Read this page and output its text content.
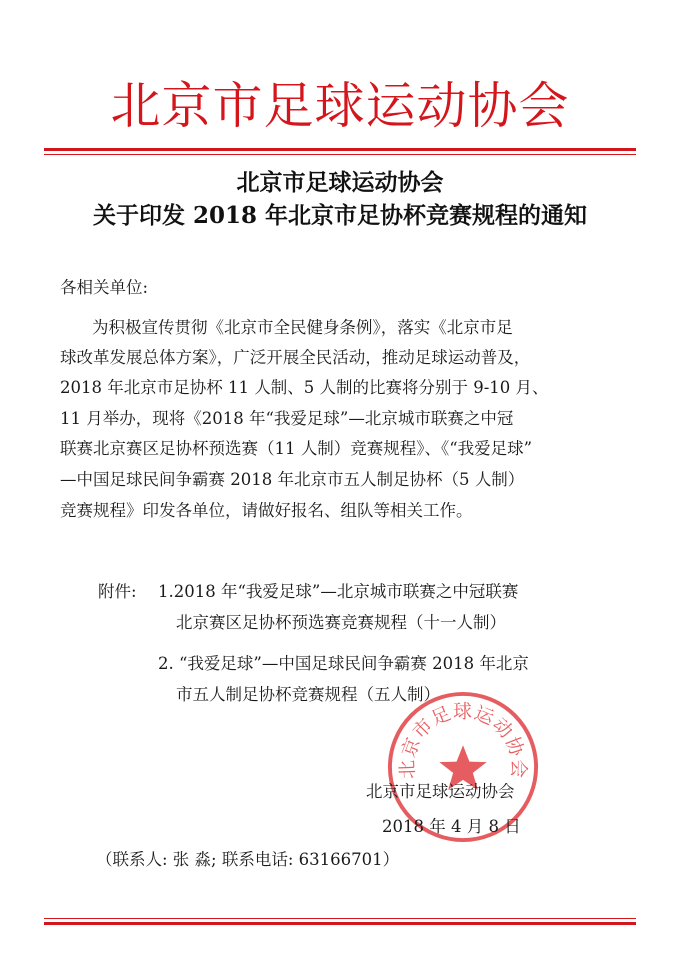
北京市足球运动协会
北京市足球运动协会
关于印发 2018 年北京市足协杯竞赛规程的通知
各相关单位:
为积极宣传贯彻《北京市全民健身条例》，落实《北京市足
球改革发展总体方案》，广泛开展全民活动，推动足球运动普及，
2018 年北京市足协杯 11 人制、5 人制的比赛将分别于 9-10 月、
11 月举办，现将《2018 年“我爱足球”—北京城市联赛之中冠
联赛北京赛区足协杯预选赛（11 人制）竞赛规程》、《“我爱足球”
—中国足球民间争霸赛 2018 年北京市五人制足协杯（5 人制）
竞赛规程》印发各单位，请做好报名、组队等相关工作。
附件: 1.2018 年“我爱足球”—北京城市联赛之中冠联赛
北京赛区足协杯预选赛竞赛规程（十一人制）
2. “我爱足球”—中国足球民间争霸赛 2018 年北京
市五人制足协杯竞赛规程（五人制）
北京市足球运动协会
北京市足球运动协会
2018 年 4 月 8 日
（联系人: 张 淼; 联系电话: 63166701）
